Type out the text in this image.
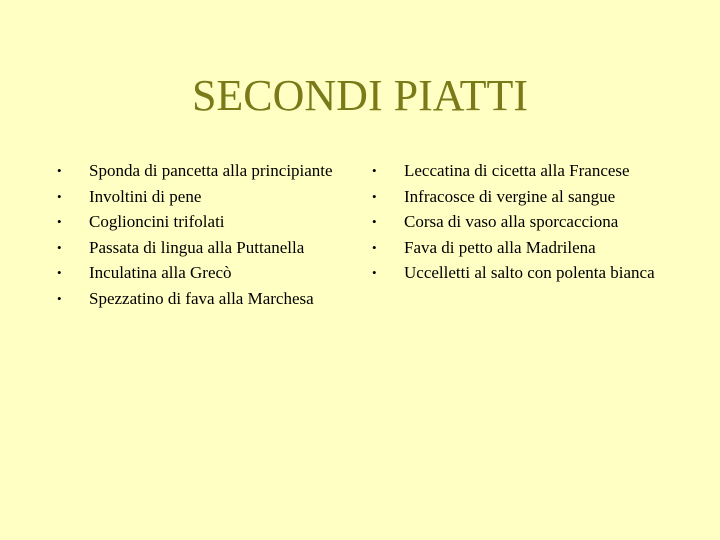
SECONDI PIATTI
•	Sponda di pancetta alla principiante
•	Involtini di pene
•	Coglioncini trifolati
•	Passata di lingua alla Puttanella
•	Inculatina alla Grecò
•	Spezzatino di fava alla Marchesa
•	Leccatina di cicetta alla Francese
•	Infracosce di vergine al sangue
•	Corsa di vaso alla sporcacciona
•	Fava di petto alla Madrilena
•	Uccelletti al salto con polenta bianca
